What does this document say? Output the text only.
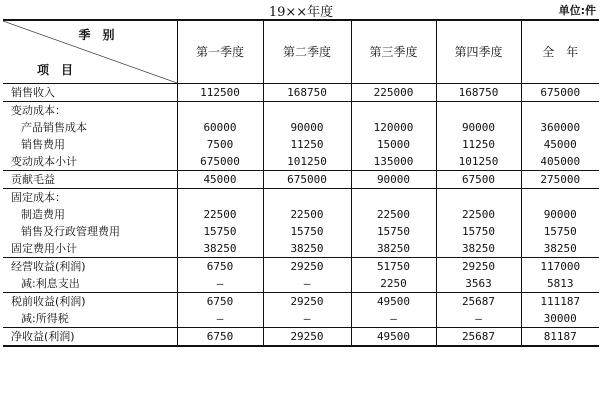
19××年度	单位:件
季　别
项　目	第一季度	第二季度	第三季度	第四季度	全　年
销售收入	112500	168750	225000	168750	675000
变动成本：					
产品销售成本	60000	90000	120000	90000	360000
销售费用	7500	11250	15000	11250	45000
变动成本小计	675000	101250	135000	101250	405000
贡献毛益	45000	675000	90000	67500	275000
固定成本：					
制造费用	22500	22500	22500	22500	90000
销售及行政管理费用	15750	15750	15750	15750	15750
固定费用小计	38250	38250	38250	38250	38250
经营收益(利润)	6750	29250	51750	29250	117000
减:利息支出	—	—	2250	3563	5813
税前收益(利润)	6750	29250	49500	25687	111187
减:所得税	—	—	—	—	30000
净收益(利润)	6750	29250	49500	25687	81187
